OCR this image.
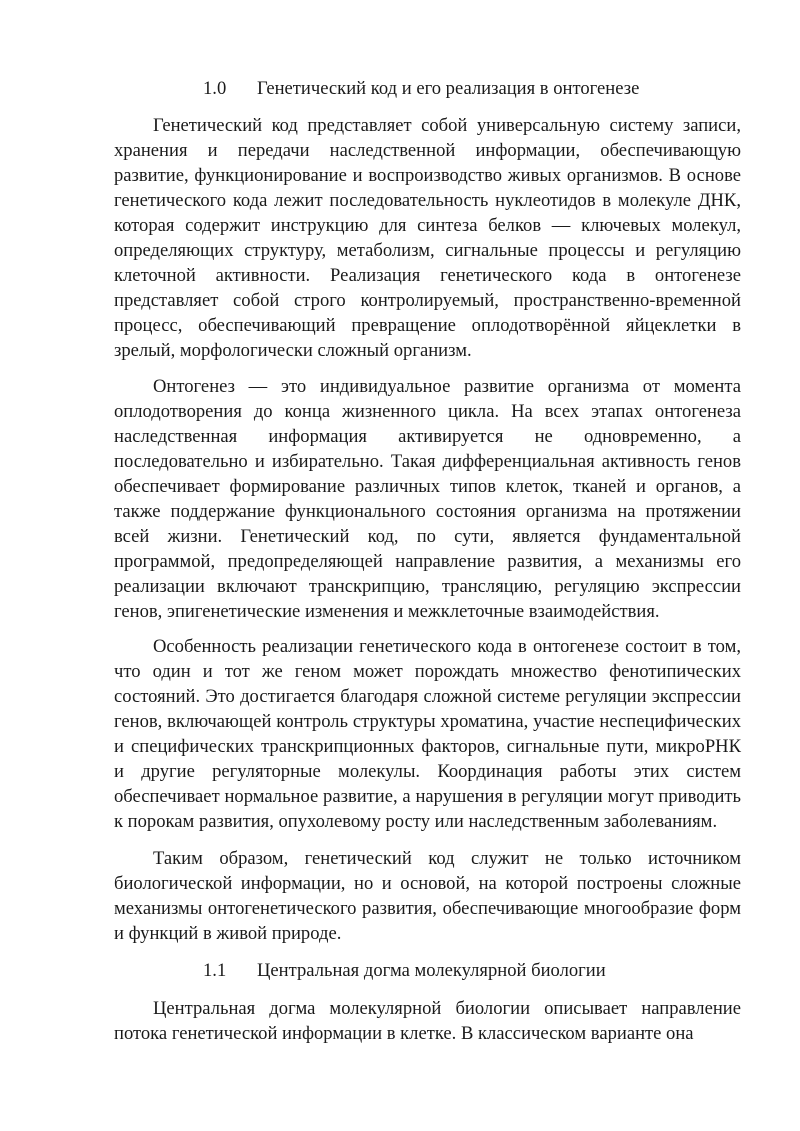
1.0 Генетический код и его реализация в онтогенезе

Генетический код представляет собой универсальную систему записи, хранения и передачи наследственной информации, обеспечивающую развитие, функционирование и воспроизводство живых организмов. В основе генетического кода лежит последовательность нуклеотидов в молекуле ДНК, которая содержит инструкцию для синтеза белков — ключевых молекул, определяющих структуру, метаболизм, сигнальные процессы и регуляцию клеточной активности. Реализация генетического кода в онтогенезе представляет собой строго контролируемый, пространственно-временной процесс, обеспечивающий превращение оплодотворённой яйцеклетки в зрелый, морфологически сложный организм.

Онтогенез — это индивидуальное развитие организма от момента оплодотворения до конца жизненного цикла. На всех этапах онтогенеза наследственная информация активируется не одновременно, а последовательно и избирательно. Такая дифференциальная активность генов обеспечивает формирование различных типов клеток, тканей и органов, а также поддержание функционального состояния организма на протяжении всей жизни. Генетический код, по сути, является фундаментальной программой, предопределяющей направление развития, а механизмы его реализации включают транскрипцию, трансляцию, регуляцию экспрессии генов, эпигенетические изменения и межклеточные взаимодействия.

Особенность реализации генетического кода в онтогенезе состоит в том, что один и тот же геном может порождать множество фенотипических состояний. Это достигается благодаря сложной системе регуляции экспрессии генов, включающей контроль структуры хроматина, участие неспецифических и специфических транскрипционных факторов, сигнальные пути, микроРНК и другие регуляторные молекулы. Координация работы этих систем обеспечивает нормальное развитие, а нарушения в регуляции могут приводить к порокам развития, опухолевому росту или наследственным заболеваниям.

Таким образом, генетический код служит не только источником биологической информации, но и основой, на которой построены сложные механизмы онтогенетического развития, обеспечивающие многообразие форм и функций в живой природе.

1.1 Центральная догма молекулярной биологии

Центральная догма молекулярной биологии описывает направление потока генетической информации в клетке. В классическом варианте она
